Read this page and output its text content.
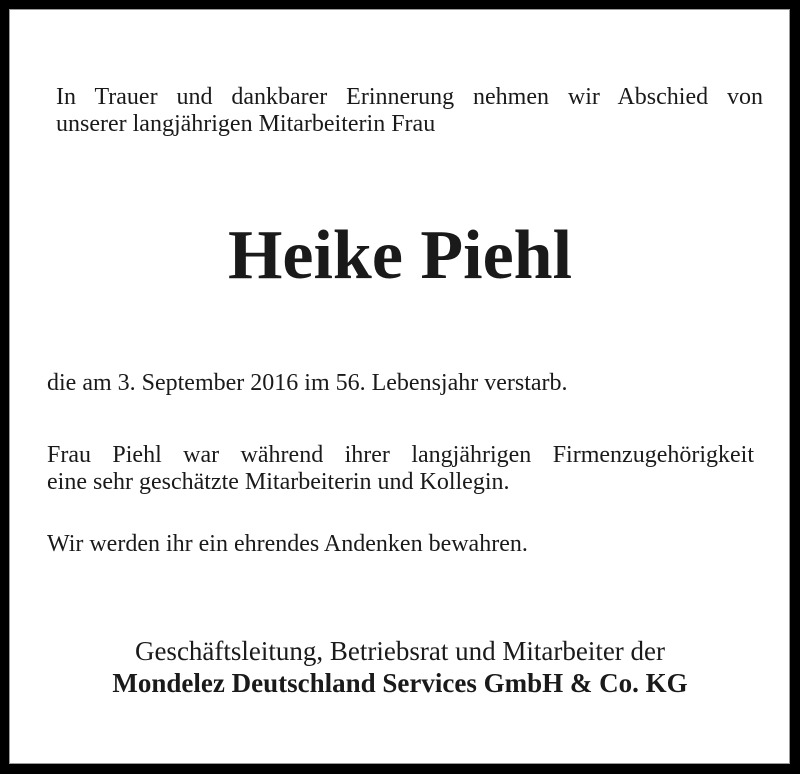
In Trauer und dankbarer Erinnerung nehmen wir Abschied von
unserer langjährigen Mitarbeiterin Frau
Heike Piehl
die am 3. September 2016 im 56. Lebensjahr verstarb.
Frau Piehl war während ihrer langjährigen Firmenzugehörigkeit
eine sehr geschätzte Mitarbeiterin und Kollegin.
Wir werden ihr ein ehrendes Andenken bewahren.
Geschäftsleitung, Betriebsrat und Mitarbeiter der
Mondelez Deutschland Services GmbH & Co. KG
